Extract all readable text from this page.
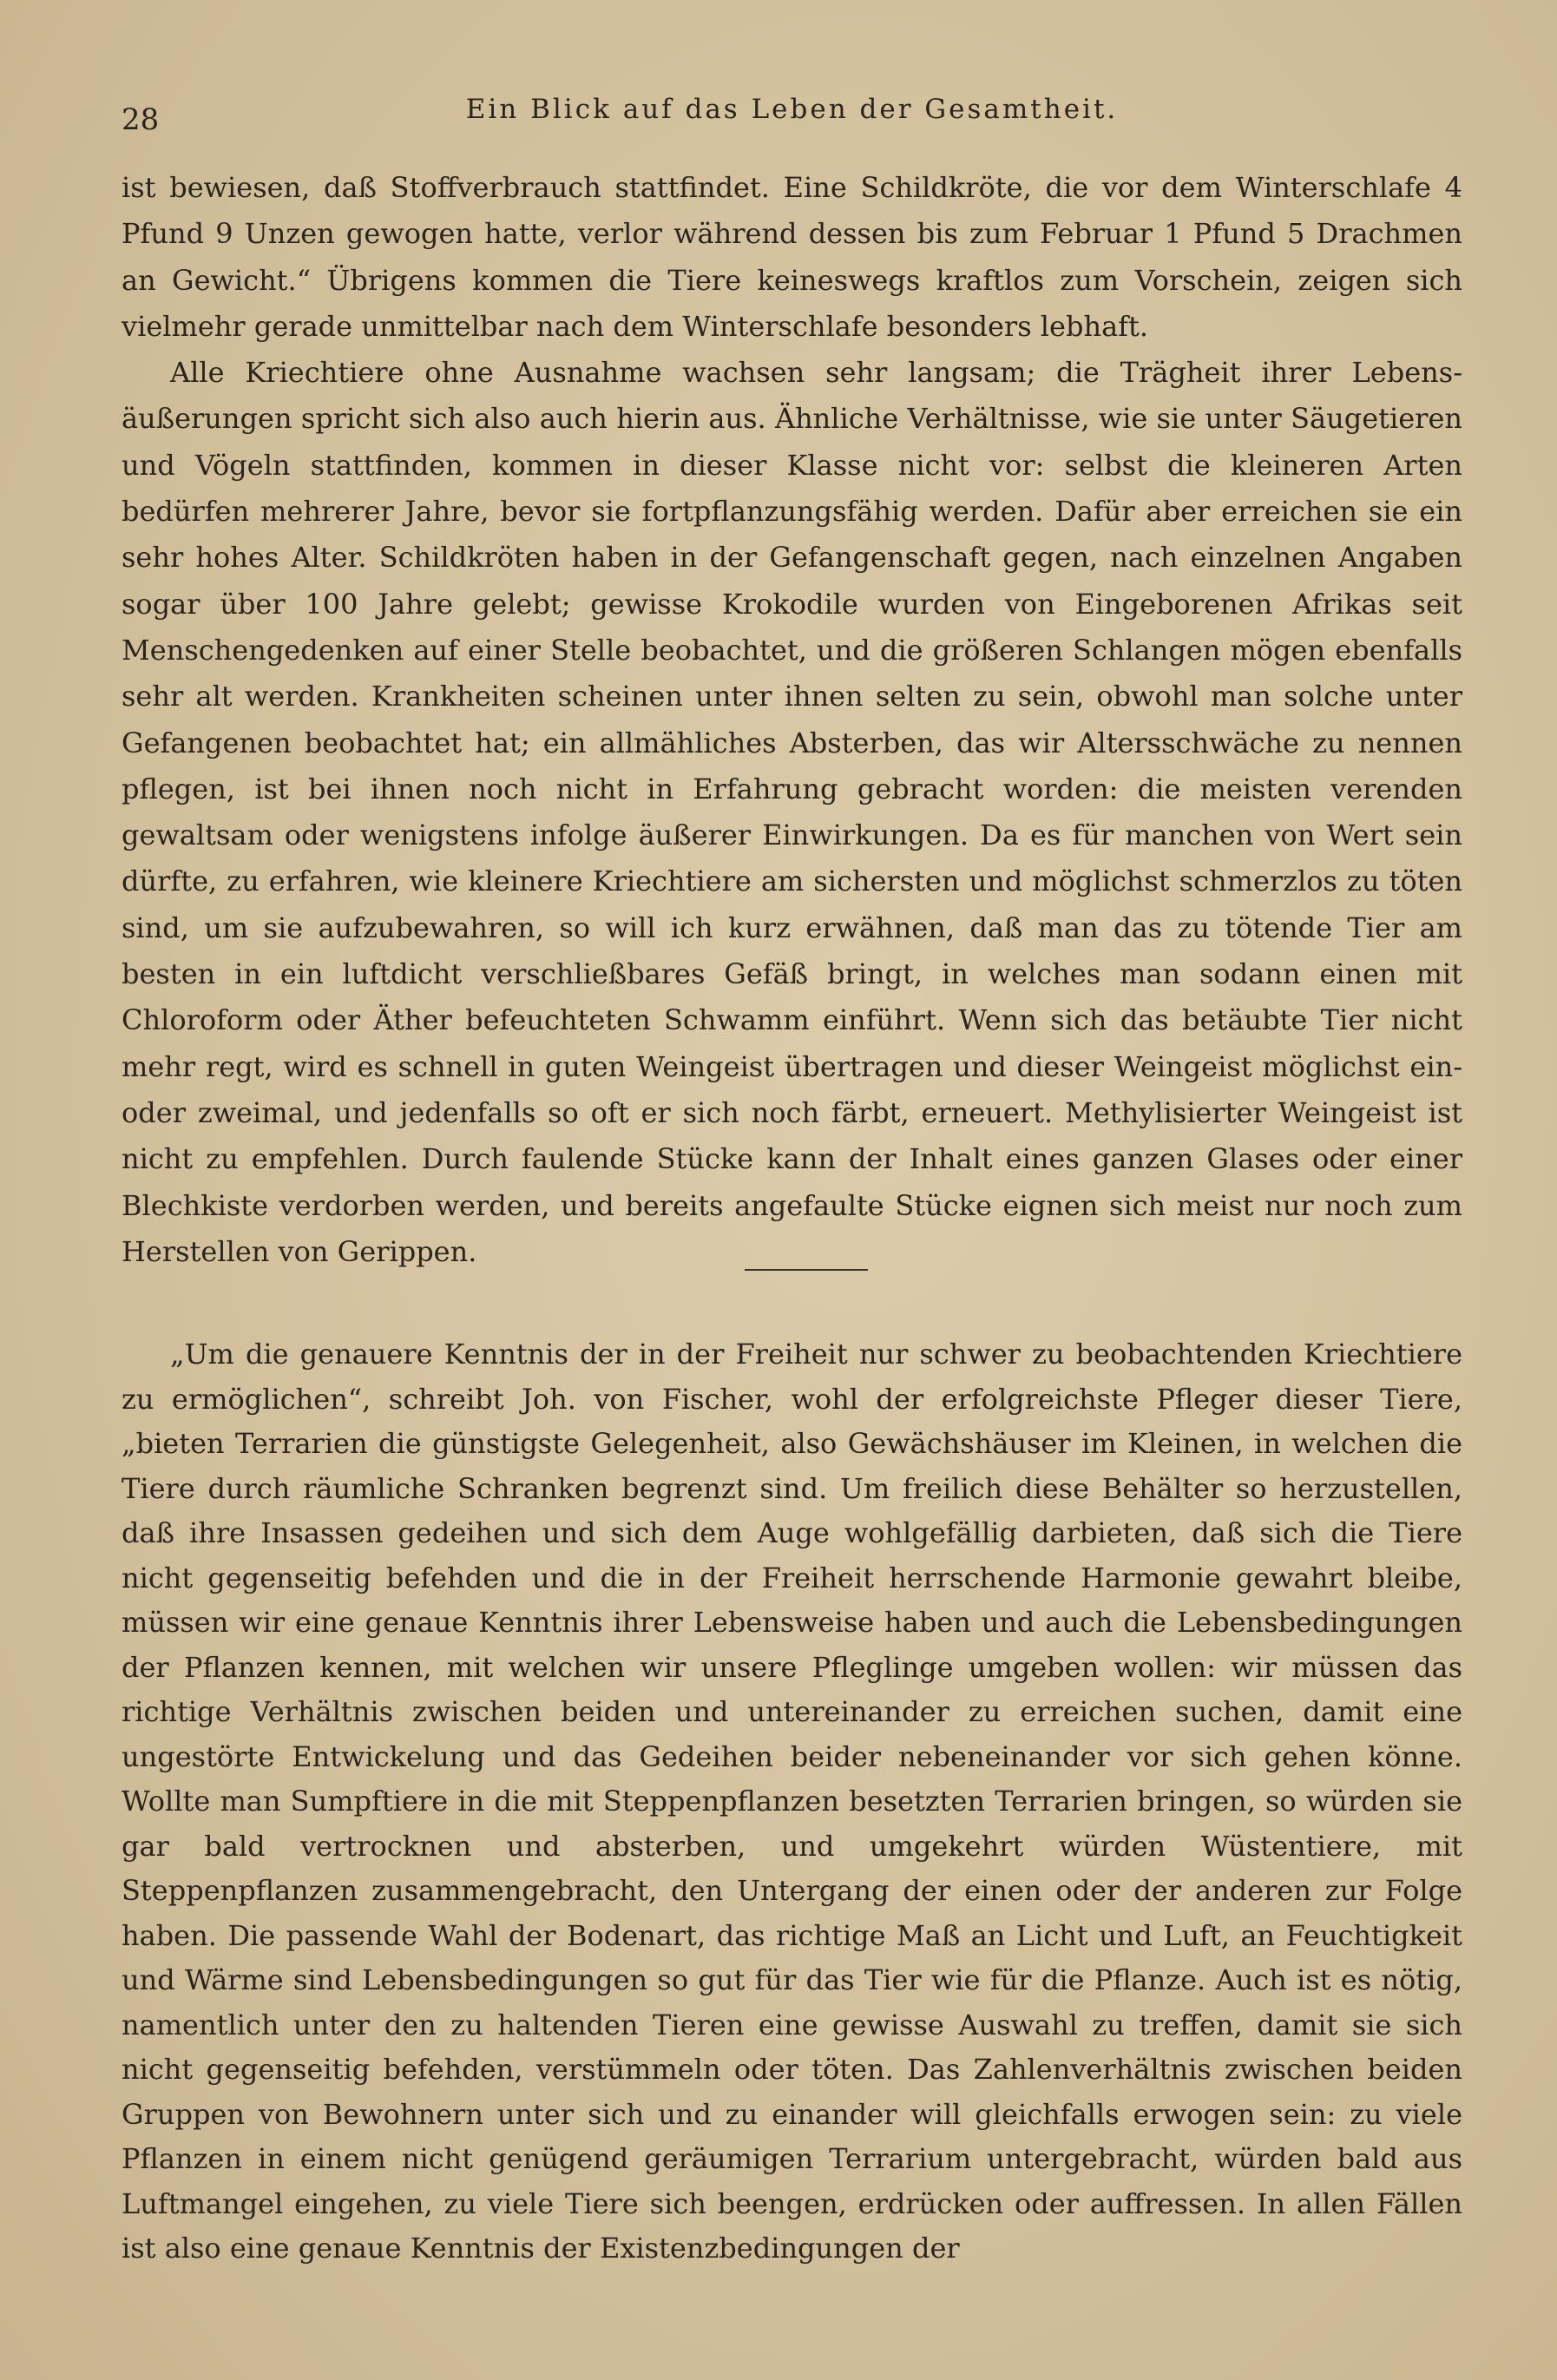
28	Ein Blick auf das Leben der Gesamtheit.

ist bewiesen, daß Stoffverbrauch stattfindet. Eine Schildkröte, die vor dem Winterschlafe 4 Pfund 9 Unzen gewogen hatte, verlor während dessen bis zum Februar 1 Pfund 5 Drachmen an Gewicht.“ Übrigens kommen die Tiere keineswegs kraftlos zum Vorschein, zeigen sich vielmehr gerade unmittelbar nach dem Winterschlafe besonders lebhaft.

Alle Kriechtiere ohne Ausnahme wachsen sehr langsam; die Trägheit ihrer Lebensäußerungen spricht sich also auch hierin aus. Ähnliche Verhältnisse, wie sie unter Säugetieren und Vögeln stattfinden, kommen in dieser Klasse nicht vor: selbst die kleineren Arten bedürfen mehrerer Jahre, bevor sie fortpflanzungsfähig werden. Dafür aber erreichen sie ein sehr hohes Alter. Schildkröten haben in der Gefangenschaft gegen, nach einzelnen Angaben sogar über 100 Jahre gelebt; gewisse Krokodile wurden von Eingeborenen Afrikas seit Menschengedenken auf einer Stelle beobachtet, und die größeren Schlangen mögen ebenfalls sehr alt werden. Krankheiten scheinen unter ihnen selten zu sein, obwohl man solche unter Gefangenen beobachtet hat; ein allmähliches Absterben, das wir Altersschwäche zu nennen pflegen, ist bei ihnen noch nicht in Erfahrung gebracht worden: die meisten verenden gewaltsam oder wenigstens infolge äußerer Einwirkungen. Da es für manchen von Wert sein dürfte, zu erfahren, wie kleinere Kriechtiere am sichersten und möglichst schmerzlos zu töten sind, um sie aufzubewahren, so will ich kurz erwähnen, daß man das zu tötende Tier am besten in ein luftdicht verschließbares Gefäß bringt, in welches man sodann einen mit Chloroform oder Äther befeuchteten Schwamm einführt. Wenn sich das betäubte Tier nicht mehr regt, wird es schnell in guten Weingeist übertragen und dieser Weingeist möglichst ein- oder zweimal, und jedenfalls so oft er sich noch färbt, erneuert. Methylisierter Weingeist ist nicht zu empfehlen. Durch faulende Stücke kann der Inhalt eines ganzen Glases oder einer Blechkiste verdorben werden, und bereits angefaulte Stücke eignen sich meist nur noch zum Herstellen von Gerippen.

„Um die genauere Kenntnis der in der Freiheit nur schwer zu beobachtenden Kriechtiere zu ermöglichen“, schreibt Joh. von Fischer, wohl der erfolgreichste Pfleger dieser Tiere, „bieten Terrarien die günstigste Gelegenheit, also Gewächshäuser im Kleinen, in welchen die Tiere durch räumliche Schranken begrenzt sind. Um freilich diese Behälter so herzustellen, daß ihre Insassen gedeihen und sich dem Auge wohlgefällig darbieten, daß sich die Tiere nicht gegenseitig befehden und die in der Freiheit herrschende Harmonie gewahrt bleibe, müssen wir eine genaue Kenntnis ihrer Lebensweise haben und auch die Lebensbedingungen der Pflanzen kennen, mit welchen wir unsere Pfleglinge umgeben wollen: wir müssen das richtige Verhältnis zwischen beiden und untereinander zu erreichen suchen, damit eine ungestörte Entwickelung und das Gedeihen beider nebeneinander vor sich gehen könne. Wollte man Sumpftiere in die mit Steppenpflanzen besetzten Terrarien bringen, so würden sie gar bald vertrocknen und absterben, und umgekehrt würden Wüstentiere, mit Steppenpflanzen zusammengebracht, den Untergang der einen oder der anderen zur Folge haben. Die passende Wahl der Bodenart, das richtige Maß an Licht und Luft, an Feuchtigkeit und Wärme sind Lebensbedingungen so gut für das Tier wie für die Pflanze. Auch ist es nötig, namentlich unter den zu haltenden Tieren eine gewisse Auswahl zu treffen, damit sie sich nicht gegenseitig befehden, verstümmeln oder töten. Das Zahlenverhältnis zwischen beiden Gruppen von Bewohnern unter sich und zu einander will gleichfalls erwogen sein: zu viele Pflanzen in einem nicht genügend geräumigen Terrarium untergebracht, würden bald aus Luftmangel eingehen, zu viele Tiere sich beengen, erdrücken oder auffressen. In allen Fällen ist also eine genaue Kenntnis der Existenzbedingungen der
